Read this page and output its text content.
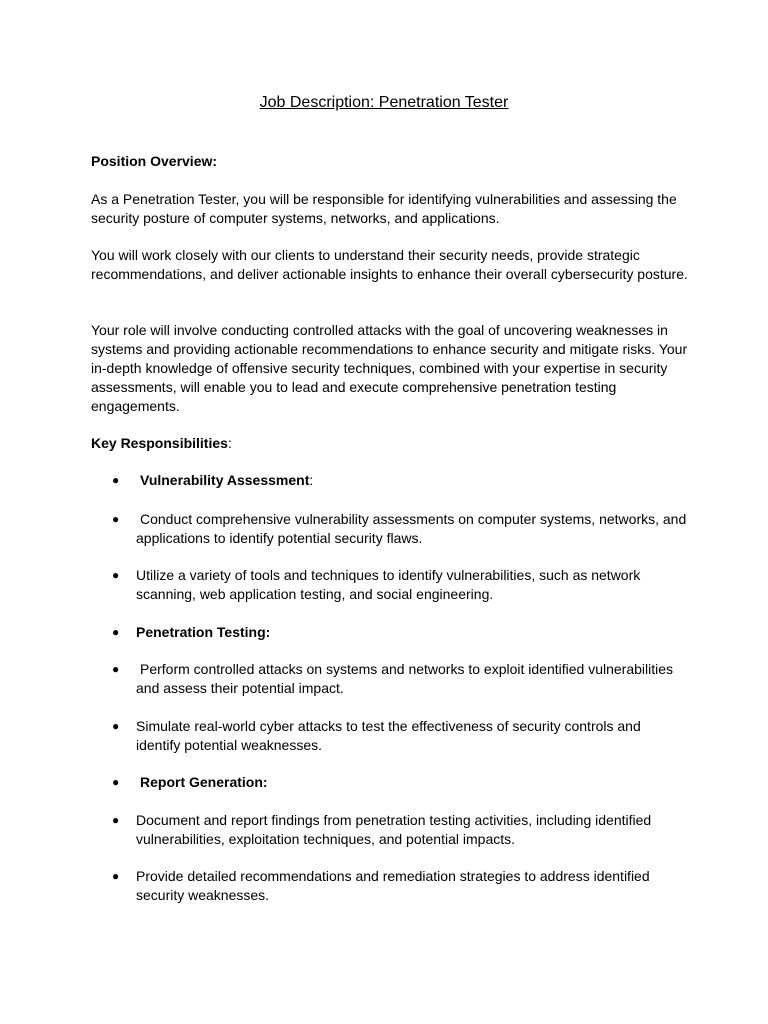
Job Description: Penetration Tester

Position Overview:

As a Penetration Tester, you will be responsible for identifying vulnerabilities and assessing the security posture of computer systems, networks, and applications.

You will work closely with our clients to understand their security needs, provide strategic recommendations, and deliver actionable insights to enhance their overall cybersecurity posture.

Your role will involve conducting controlled attacks with the goal of uncovering weaknesses in systems and providing actionable recommendations to enhance security and mitigate risks. Your in-depth knowledge of offensive security techniques, combined with your expertise in security assessments, will enable you to lead and execute comprehensive penetration testing engagements.

Key Responsibilities:

● Vulnerability Assessment:
● Conduct comprehensive vulnerability assessments on computer systems, networks, and applications to identify potential security flaws.
● Utilize a variety of tools and techniques to identify vulnerabilities, such as network scanning, web application testing, and social engineering.
● Penetration Testing:
● Perform controlled attacks on systems and networks to exploit identified vulnerabilities and assess their potential impact.
● Simulate real-world cyber attacks to test the effectiveness of security controls and identify potential weaknesses.
● Report Generation:
● Document and report findings from penetration testing activities, including identified vulnerabilities, exploitation techniques, and potential impacts.
● Provide detailed recommendations and remediation strategies to address identified security weaknesses.
